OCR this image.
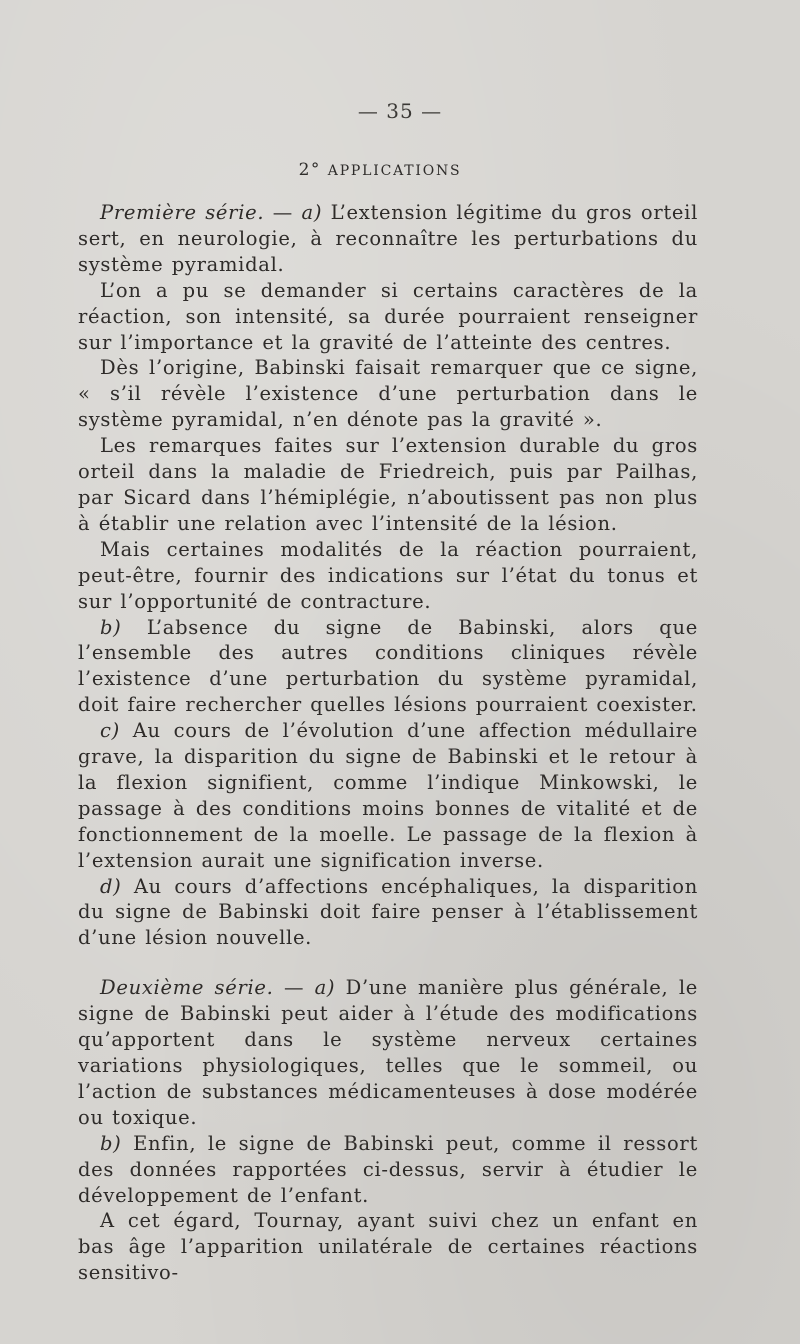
— 35 —
2° APPLICATIONS

Première série. — a) L’extension légitime du gros orteil sert, en neurologie, à reconnaître les perturbations du système pyramidal.

L’on a pu se demander si certains caractères de la réaction, son intensité, sa durée pourraient renseigner sur l’importance et la gravité de l’atteinte des centres.

Dès l’origine, Babinski faisait remarquer que ce signe, « s’il révèle l’existence d’une perturbation dans le système pyramidal, n’en dénote pas la gravité ».

Les remarques faites sur l’extension durable du gros orteil dans la maladie de Friedreich, puis par Pailhas, par Sicard dans l’hémiplégie, n’aboutissent pas non plus à établir une relation avec l’intensité de la lésion.

Mais certaines modalités de la réaction pourraient, peut-être, fournir des indications sur l’état du tonus et sur l’opportunité de contracture.

b) L’absence du signe de Babinski, alors que l’ensemble des autres conditions cliniques révèle l’existence d’une perturbation du système pyramidal, doit faire rechercher quelles lésions pourraient coexister.

c) Au cours de l’évolution d’une affection médullaire grave, la disparition du signe de Babinski et le retour à la flexion signifient, comme l’indique Minkowski, le passage à des conditions moins bonnes de vitalité et de fonctionnement de la moelle. Le passage de la flexion à l’extension aurait une signification inverse.

d) Au cours d’affections encéphaliques, la disparition du signe de Babinski doit faire penser à l’établissement d’une lésion nouvelle.

Deuxième série. — a) D’une manière plus générale, le signe de Babinski peut aider à l’étude des modifications qu’apportent dans le système nerveux certaines variations physiologiques, telles que le sommeil, ou l’action de substances médicamenteuses à dose modérée ou toxique.

b) Enfin, le signe de Babinski peut, comme il ressort des données rapportées ci-dessus, servir à étudier le développement de l’enfant.

A cet égard, Tournay, ayant suivi chez un enfant en bas âge l’apparition unilatérale de certaines réactions sensitivo-
